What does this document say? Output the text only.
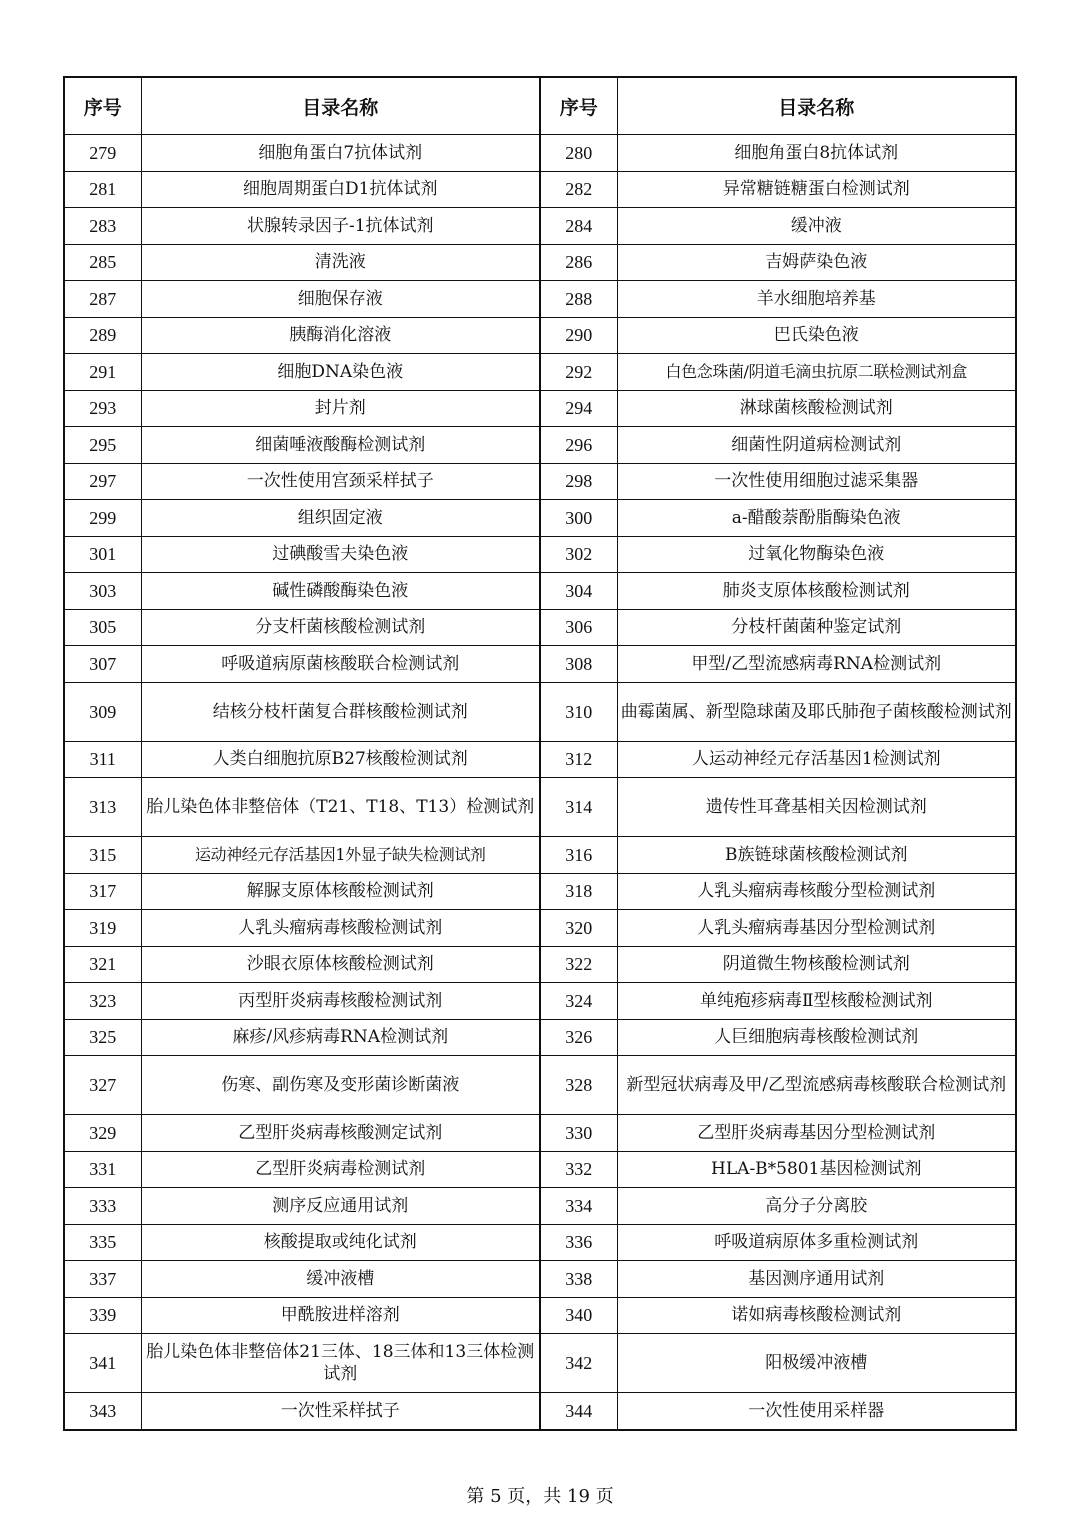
序号	目录名称	序号	目录名称
279	细胞角蛋白7抗体试剂	280	细胞角蛋白8抗体试剂
281	细胞周期蛋白D1抗体试剂	282	异常糖链糖蛋白检测试剂
283	状腺转录因子-1抗体试剂	284	缓冲液
285	清洗液	286	吉姆萨染色液
287	细胞保存液	288	羊水细胞培养基
289	胰酶消化溶液	290	巴氏染色液
291	细胞DNA染色液	292	白色念珠菌/阴道毛滴虫抗原二联检测试剂盒
293	封片剂	294	淋球菌核酸检测试剂
295	细菌唾液酸酶检测试剂	296	细菌性阴道病检测试剂
297	一次性使用宫颈采样拭子	298	一次性使用细胞过滤采集器
299	组织固定液	300	a-醋酸萘酚脂酶染色液
301	过碘酸雪夫染色液	302	过氧化物酶染色液
303	碱性磷酸酶染色液	304	肺炎支原体核酸检测试剂
305	分支杆菌核酸检测试剂	306	分枝杆菌菌种鉴定试剂
307	呼吸道病原菌核酸联合检测试剂	308	甲型/乙型流感病毒RNA检测试剂
309	结核分枝杆菌复合群核酸检测试剂	310	曲霉菌属、新型隐球菌及耶氏肺孢子菌核酸检测试剂
311	人类白细胞抗原B27核酸检测试剂	312	人运动神经元存活基因1检测试剂
313	胎儿染色体非整倍体（T21、T18、T13）检测试剂	314	遗传性耳聋基相关因检测试剂
315	运动神经元存活基因1外显子缺失检测试剂	316	B族链球菌核酸检测试剂
317	解脲支原体核酸检测试剂	318	人乳头瘤病毒核酸分型检测试剂
319	人乳头瘤病毒核酸检测试剂	320	人乳头瘤病毒基因分型检测试剂
321	沙眼衣原体核酸检测试剂	322	阴道微生物核酸检测试剂
323	丙型肝炎病毒核酸检测试剂	324	单纯疱疹病毒Ⅱ型核酸检测试剂
325	麻疹/风疹病毒RNA检测试剂	326	人巨细胞病毒核酸检测试剂
327	伤寒、副伤寒及变形菌诊断菌液	328	新型冠状病毒及甲/乙型流感病毒核酸联合检测试剂
329	乙型肝炎病毒核酸测定试剂	330	乙型肝炎病毒基因分型检测试剂
331	乙型肝炎病毒检测试剂	332	HLA-B*5801基因检测试剂
333	测序反应通用试剂	334	高分子分离胶
335	核酸提取或纯化试剂	336	呼吸道病原体多重检测试剂
337	缓冲液槽	338	基因测序通用试剂
339	甲酰胺进样溶剂	340	诺如病毒核酸检测试剂
341	胎儿染色体非整倍体21三体、18三体和13三体检测试剂	342	阳极缓冲液槽
343	一次性采样拭子	344	一次性使用采样器
第 5 页，共 19 页
